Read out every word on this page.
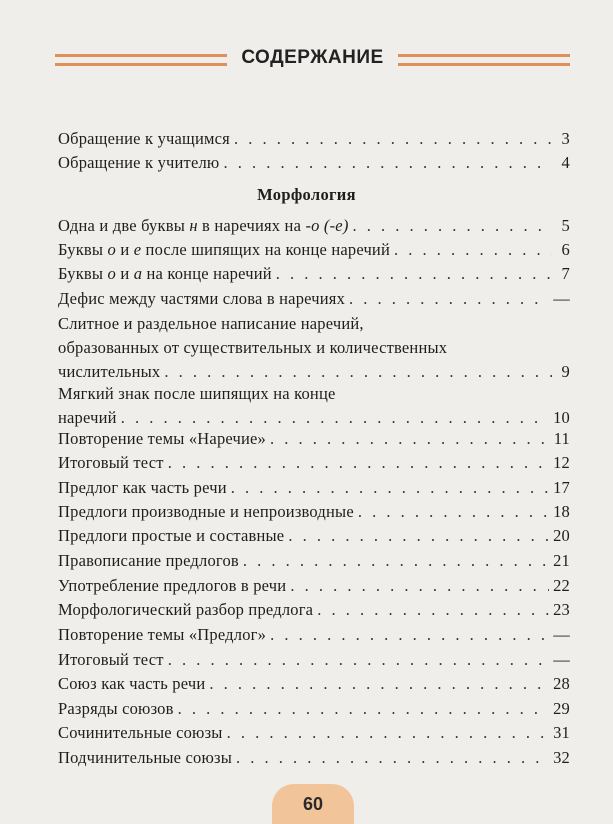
СОДЕРЖАНИЕ
Обращение к учащимся . . .	3
Обращение к учителю . . .	4
Морфология
Одна и две буквы н в наречиях на -о (-е) . . .	5
Буквы о и е после шипящих на конце наречий . . .	6
Буквы о и а на конце наречий . . .	7
Дефис между частями слова в наречиях . . .	—
Слитное и раздельное написание наречий,
образованных от существительных и количественных
числительных . . .	9
Мягкий знак после шипящих на конце
наречий . . .	10
Повторение темы «Наречие» . . .	11
Итоговый тест . . .	12
Предлог как часть речи . . .	17
Предлоги производные и непроизводные . . .	18
Предлоги простые и составные . . .	20
Правописание предлогов . . .	21
Употребление предлогов в речи . . .	22
Морфологический разбор предлога . . .	23
Повторение темы «Предлог» . . .	—
Итоговый тест . . .	—
Союз как часть речи . . .	28
Разряды союзов . . .	29
Сочинительные союзы . . .	31
Подчинительные союзы . . .	32
60
